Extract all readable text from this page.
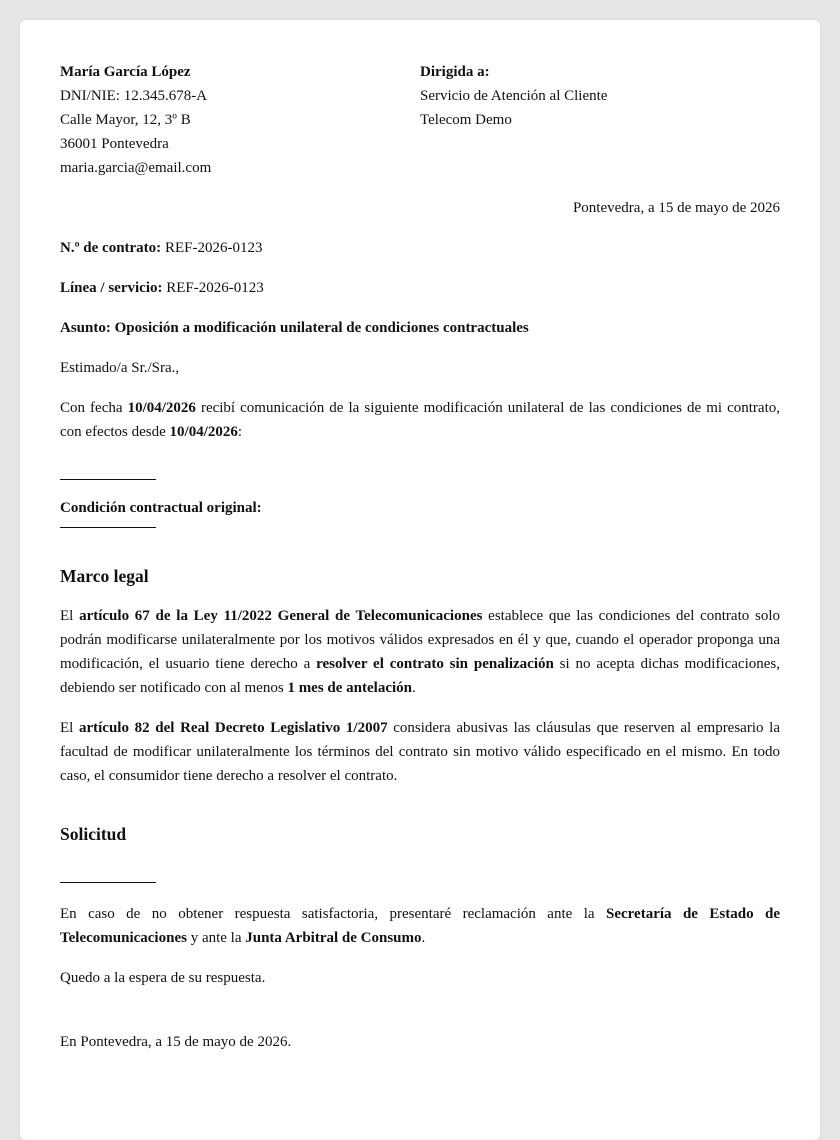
María García López
DNI/NIE: 12.345.678-A
Calle Mayor, 12, 3º B
36001 Pontevedra
maria.garcia@email.com
Dirigida a:
Servicio de Atención al Cliente
Telecom Demo
Pontevedra, a 15 de mayo de 2026
N.º de contrato: REF-2026-0123
Línea / servicio: REF-2026-0123
Asunto: Oposición a modificación unilateral de condiciones contractuales
Estimado/a Sr./Sra.,

Con fecha 10/04/2026 recibí comunicación de la siguiente modificación unilateral de las condiciones de mi contrato, con efectos desde 10/04/2026:

Condición contractual original:
Marco legal

El artículo 67 de la Ley 11/2022 General de Telecomunicaciones establece que las condiciones del contrato solo podrán modificarse unilateralmente por los motivos válidos expresados en él y que, cuando el operador proponga una modificación, el usuario tiene derecho a resolver el contrato sin penalización si no acepta dichas modificaciones, debiendo ser notificado con al menos 1 mes de antelación.

El artículo 82 del Real Decreto Legislativo 1/2007 considera abusivas las cláusulas que reserven al empresario la facultad de modificar unilateralmente los términos del contrato sin motivo válido especificado en el mismo. En todo caso, el consumidor tiene derecho a resolver el contrato.

Solicitud

En caso de no obtener respuesta satisfactoria, presentaré reclamación ante la Secretaría de Estado de Telecomunicaciones y ante la Junta Arbitral de Consumo.

Quedo a la espera de su respuesta.
En Pontevedra, a 15 de mayo de 2026.
